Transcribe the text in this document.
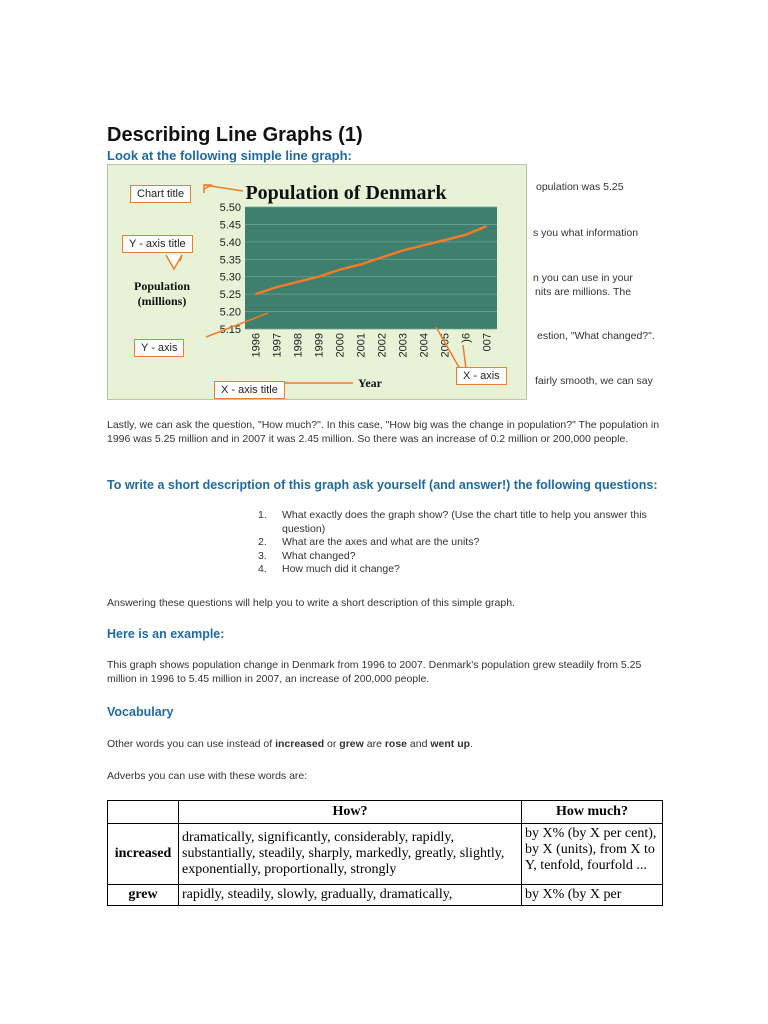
Describing Line Graphs (1)
Look at the following simple line graph:
5.50
5.45
5.40
5.35
5.30
5.25
5.20
5.15
1996 1997 1998 1999 2000 2001 2002 2003 2004 2005 )6 007
Population of Denmark
Population
(millions)
Year
Chart title
Y - axis title
Y - axis
X - axis title
X - axis
opulation was 5.25
s you what information
n you can use in your
nits are millions. The
estion, "What changed?".
fairly smooth, we can say
Lastly, we can ask the question, "How much?". In this case, "How big was the change in population?" The population in 1996 was 5.25 million and in 2007 it was 2.45 million. So there was an increase of 0.2 million or 200,000 people.
To write a short description of this graph ask yourself (and answer!) the following questions:
1. What exactly does the graph show? (Use the chart title to help you answer this question)
2. What are the axes and what are the units?
3. What changed?
4. How much did it change?
Answering these questions will help you to write a short description of this simple graph.
Here is an example:
This graph shows population change in Denmark from 1996 to 2007. Denmark's population grew steadily from 5.25 million in 1996 to 5.45 million in 2007, an increase of 200,000 people.
Vocabulary
Other words you can use instead of increased or grew are rose and went up.
Adverbs you can use with these words are:
	How?	How much?
increased	dramatically, significantly, considerably, rapidly, substantially, steadily, sharply, markedly, greatly, slightly, exponentially, proportionally, strongly	by X% (by X per cent), by X (units), from X to Y, tenfold, fourfold ...
grew	rapidly, steadily, slowly, gradually, dramatically,	by X% (by X per
